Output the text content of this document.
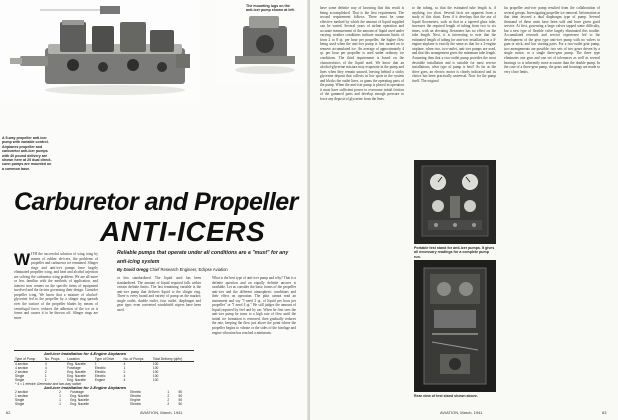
A 5-way propeller anti-icer pump with variable control. Airplanes propeller and carburetor anti-icer pumps with 40 pound delivery are shown here at 20 dual direct-conn pumps are mounted on a common base.
The mounting lugs on the anti-icer pump shown at left.
Carburetor and Propeller
ANTI-ICERS
Reliable pumps that operate under all conditions are a "must" for any anti-icing system
By David Gregg Chief Research Engineer, Eclipse Aviation
WITH the successful solution of wing icing by means of rubber de-icers, the problems of propeller and carburetor ice remained. Slinger rings and anti-icer pumps have largely eliminated propeller icing, and heat and alcohol injection are solving the carburetor icing problem. We are all more or less familiar with the methods of application, and interest now centers on the specific items of equipment involved and the factors governing their design. Consider propeller icing. We know that a mixture of alcohol-glycerine fed to the propeller by a slinger ring spreads over the surface of the propeller blades by means of centrifugal force, reduces the adhesion of the ice as it forms and causes it to be thrown off. Slinger rings are more
or less standardized. The liquid used has been standardized. The amount of liquid required falls within certain definite limits. The last remaining variable is the anti-icer pump that delivers liquid to the slinger ring. There is every brand and variety of pump on the market; single outlet, double outlet, four outlet, diaphragm and gear type; even converted windshield wipers have been used.
What is the best type of anti-icer pump and why? That is a definite question and an equally definite answer is available. Let us consider the basic forms of the propeller anti-icer and the different atmospheric conditions and their effect on operation. The pilot cannot read an instrument and say "I need 2 qt. of liquid per hour per propeller" or "I need 4 qt." He still judges the amount of liquid required by feel and by ear. When he first sees the anti-icer pump he turns to a high rate of flow until the initial ice formation is removed, then gradually reduces the rate, keeping the flow just above the point where the propeller begins to vibrate or the sides of the fuselage and engine vibration has reached a minimum.
Anti-icer Installation for 4-Engine Airplanes
Type of Pump	No. Props	Location	Type of Drive	No. of Pumps	Total Delivery (qt/hr)
4 section	4	Eng. Nacelle	1	4	100
4 section	4	Fuselage	Electric	1	100
2 section	2	Eng. Nacelle	Electric	2	100
Single	1	Eng. Nacelle	Electric	4	100
Single	1	Eng. Nacelle	Engine	4	100
* 4 = 1 electric Generator and two-way switch					
Anti-icer Installation for 2-Engine Airplanes
2 section	2	Fuselage	Electric	1	50
1 section	1	Eng. Nacelle	Electric	2	50
Single	1	Eng. Nacelle	Engine	2	50
Single	1	Eng. Nacelle	Electric	2	50
62	AVIATION, March, 1941
have some definite way of knowing that this result is being accomplished. That is the first requirement. The second requirement follows. There must be some effective method by which the amount of liquid supplied can be varied. Several years of airline operation and accurate measurement of the amount of liquid used under varying weather conditions indicate maximum limits of from 2 to 8 qt. per hour per propeller, the higher flow being used when the anti-icer pump is first turned on to remove accumulated ice. An average of approximately 4 qt. per hour per propeller is used under ordinary ice conditions. The third requirement is based on the characteristics of the liquid used. We know that an alcohol-glycerine mixture may evaporate in the pump and lines when they remain unused, leaving behind a sticky glycerine deposit that collects in low spots in the system and blocks the outlet lines, or gums the operating parts of the pump. When the anti-icer pump is placed in operation it must have sufficient power to overcome initial friction of the gummed parts and develop enough pressure to force any deposit of glycerine from the lines.
to the tubing, so that the estimated tube length is, if anything, too short. Several facts are apparent from a study of this chart. Even if it develops that the use of liquid flowmeters, such as that in a tapered glass tube, increases the required length of tubing from two to six times, with an elevating flowmeter has no effect on the tube length. Next, it is interesting to note that the estimated length of tubing for anti-icer installation in a 4-engine airplane is exactly the same as that for a 2-engine airplane, when two, two-outlet, anti-icer pumps are used, and that this arrangement gives the minimum tube length. Assuming then that a two-outlet pump provides the most desirable installation and is suitable for most service installations, what type of pump is best? As far as the drive goes, an electric motor is clearly indicated and its choice has been practically universal. Now for the pump itself. The original
las propeller anti-icer pump resulted from the collaboration of several groups. Investigating propeller ice removal. Information at that time favored a dual diaphragm type of pump. Several thousand of these units have been sold and have given good service. At first, governing a large valves tapped some difficulty, but a new type of flexible valve largely eliminated this trouble. Accumulated research and service experience led to the development of the gear type anti-icer pump with no valves to gum or stick, and low starting parts. For a two-outlet gear pump, two arrangements are possible: two sets of two gears driven by a single motor, or a single three-gear pump. The three type eliminates one gear and one set of tolerances as well as several bearings so is inherently more accurate than the double pump. In the case of a three-gear pump, the gears and housings are made to very close limits.
Portable test stand for anti-icer pumps. It gives all necessary readings for a complete pump run.
Rear view of test stand shown above.
AVIATION, March, 1941	63
